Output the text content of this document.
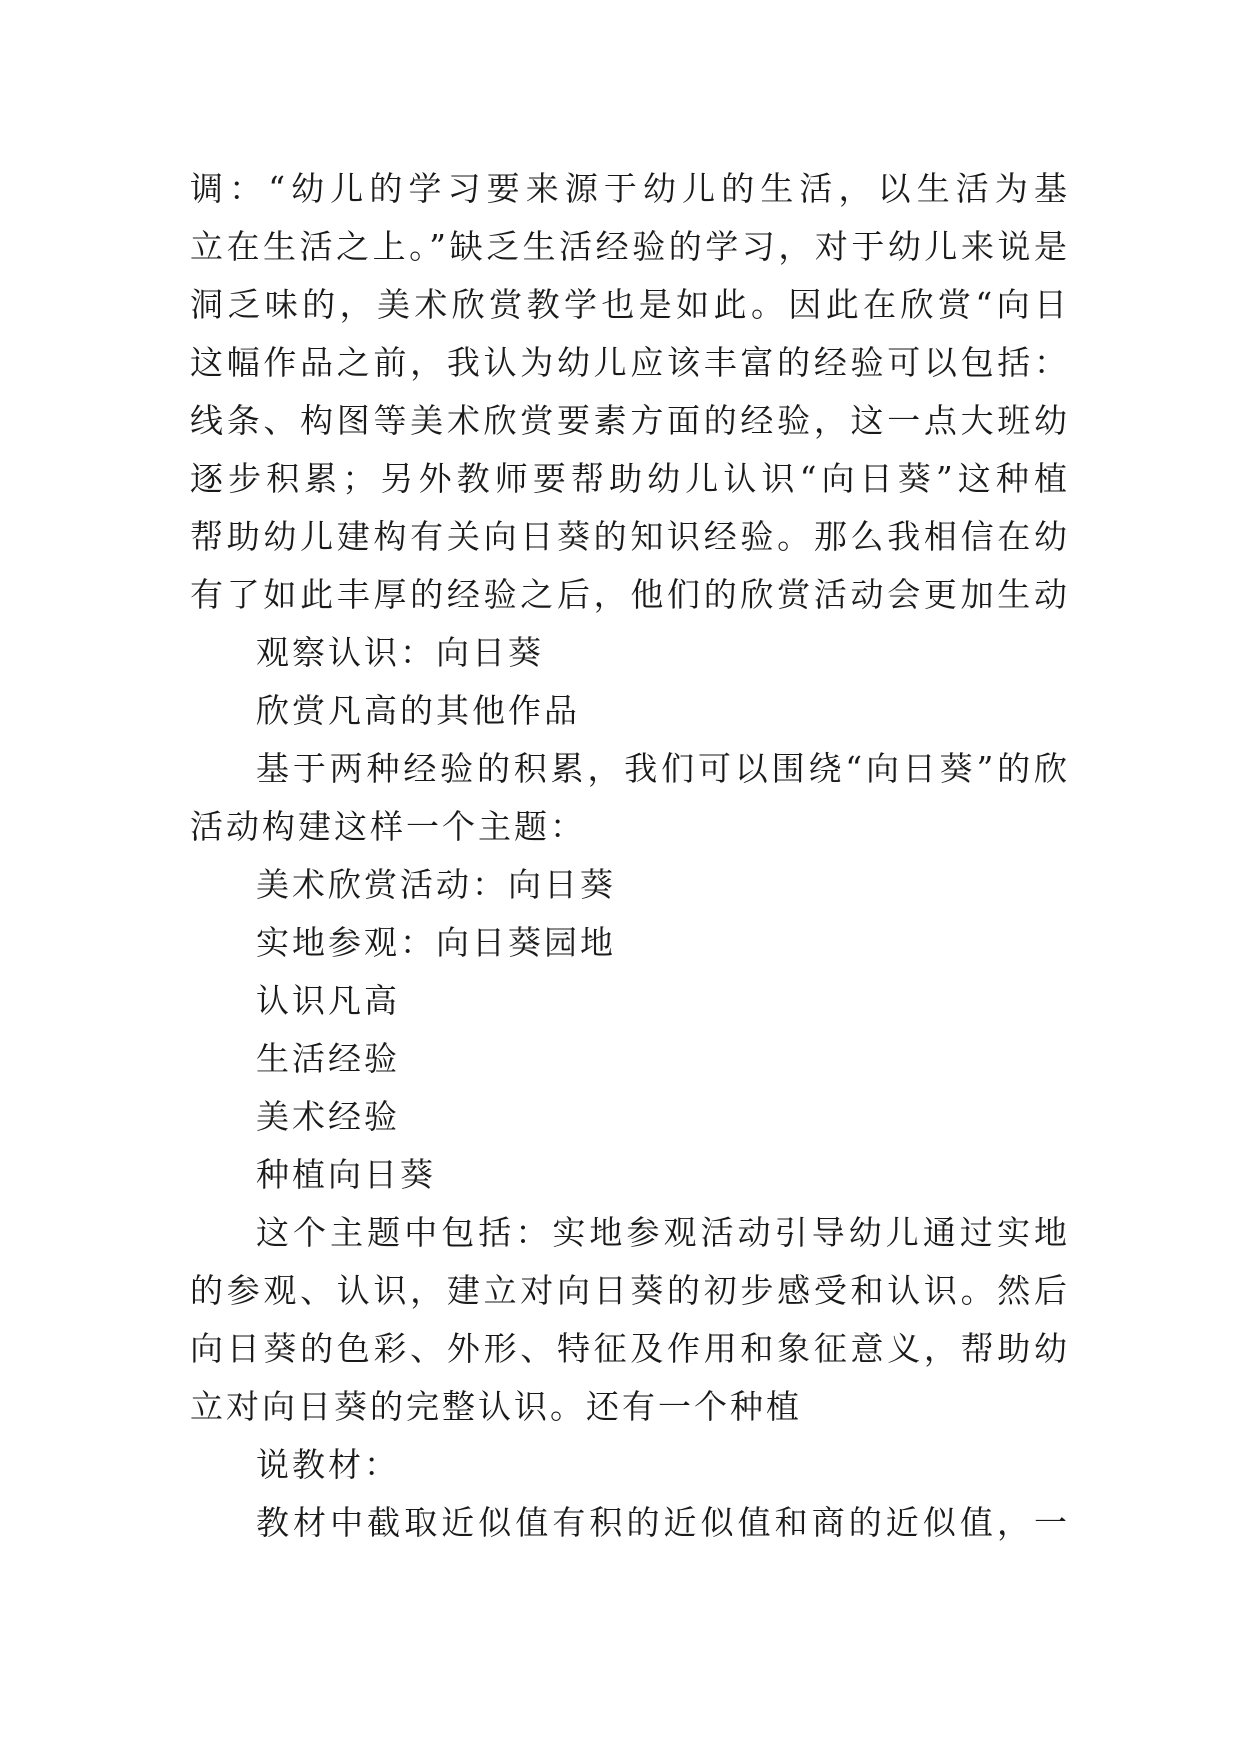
调：“幼儿的学习要来源于幼儿的生活，以生活为基
立在生活之上。”缺乏生活经验的学习，对于幼儿来说是
洞乏味的，美术欣赏教学也是如此。因此在欣赏“向日
这幅作品之前，我认为幼儿应该丰富的经验可以包括：
线条、构图等美术欣赏要素方面的经验，这一点大班幼
逐步积累；另外教师要帮助幼儿认识“向日葵”这种植
帮助幼儿建构有关向日葵的知识经验。那么我相信在幼
有了如此丰厚的经验之后，他们的欣赏活动会更加生动
观察认识：向日葵
欣赏凡高的其他作品
基于两种经验的积累，我们可以围绕“向日葵”的欣
活动构建这样一个主题：
美术欣赏活动：向日葵
实地参观：向日葵园地
认识凡高
生活经验
美术经验
种植向日葵
这个主题中包括：实地参观活动引导幼儿通过实地
的参观、认识，建立对向日葵的初步感受和认识。然后
向日葵的色彩、外形、特征及作用和象征意义，帮助幼
立对向日葵的完整认识。还有一个种植
说教材：
教材中截取近似值有积的近似值和商的近似值，一
